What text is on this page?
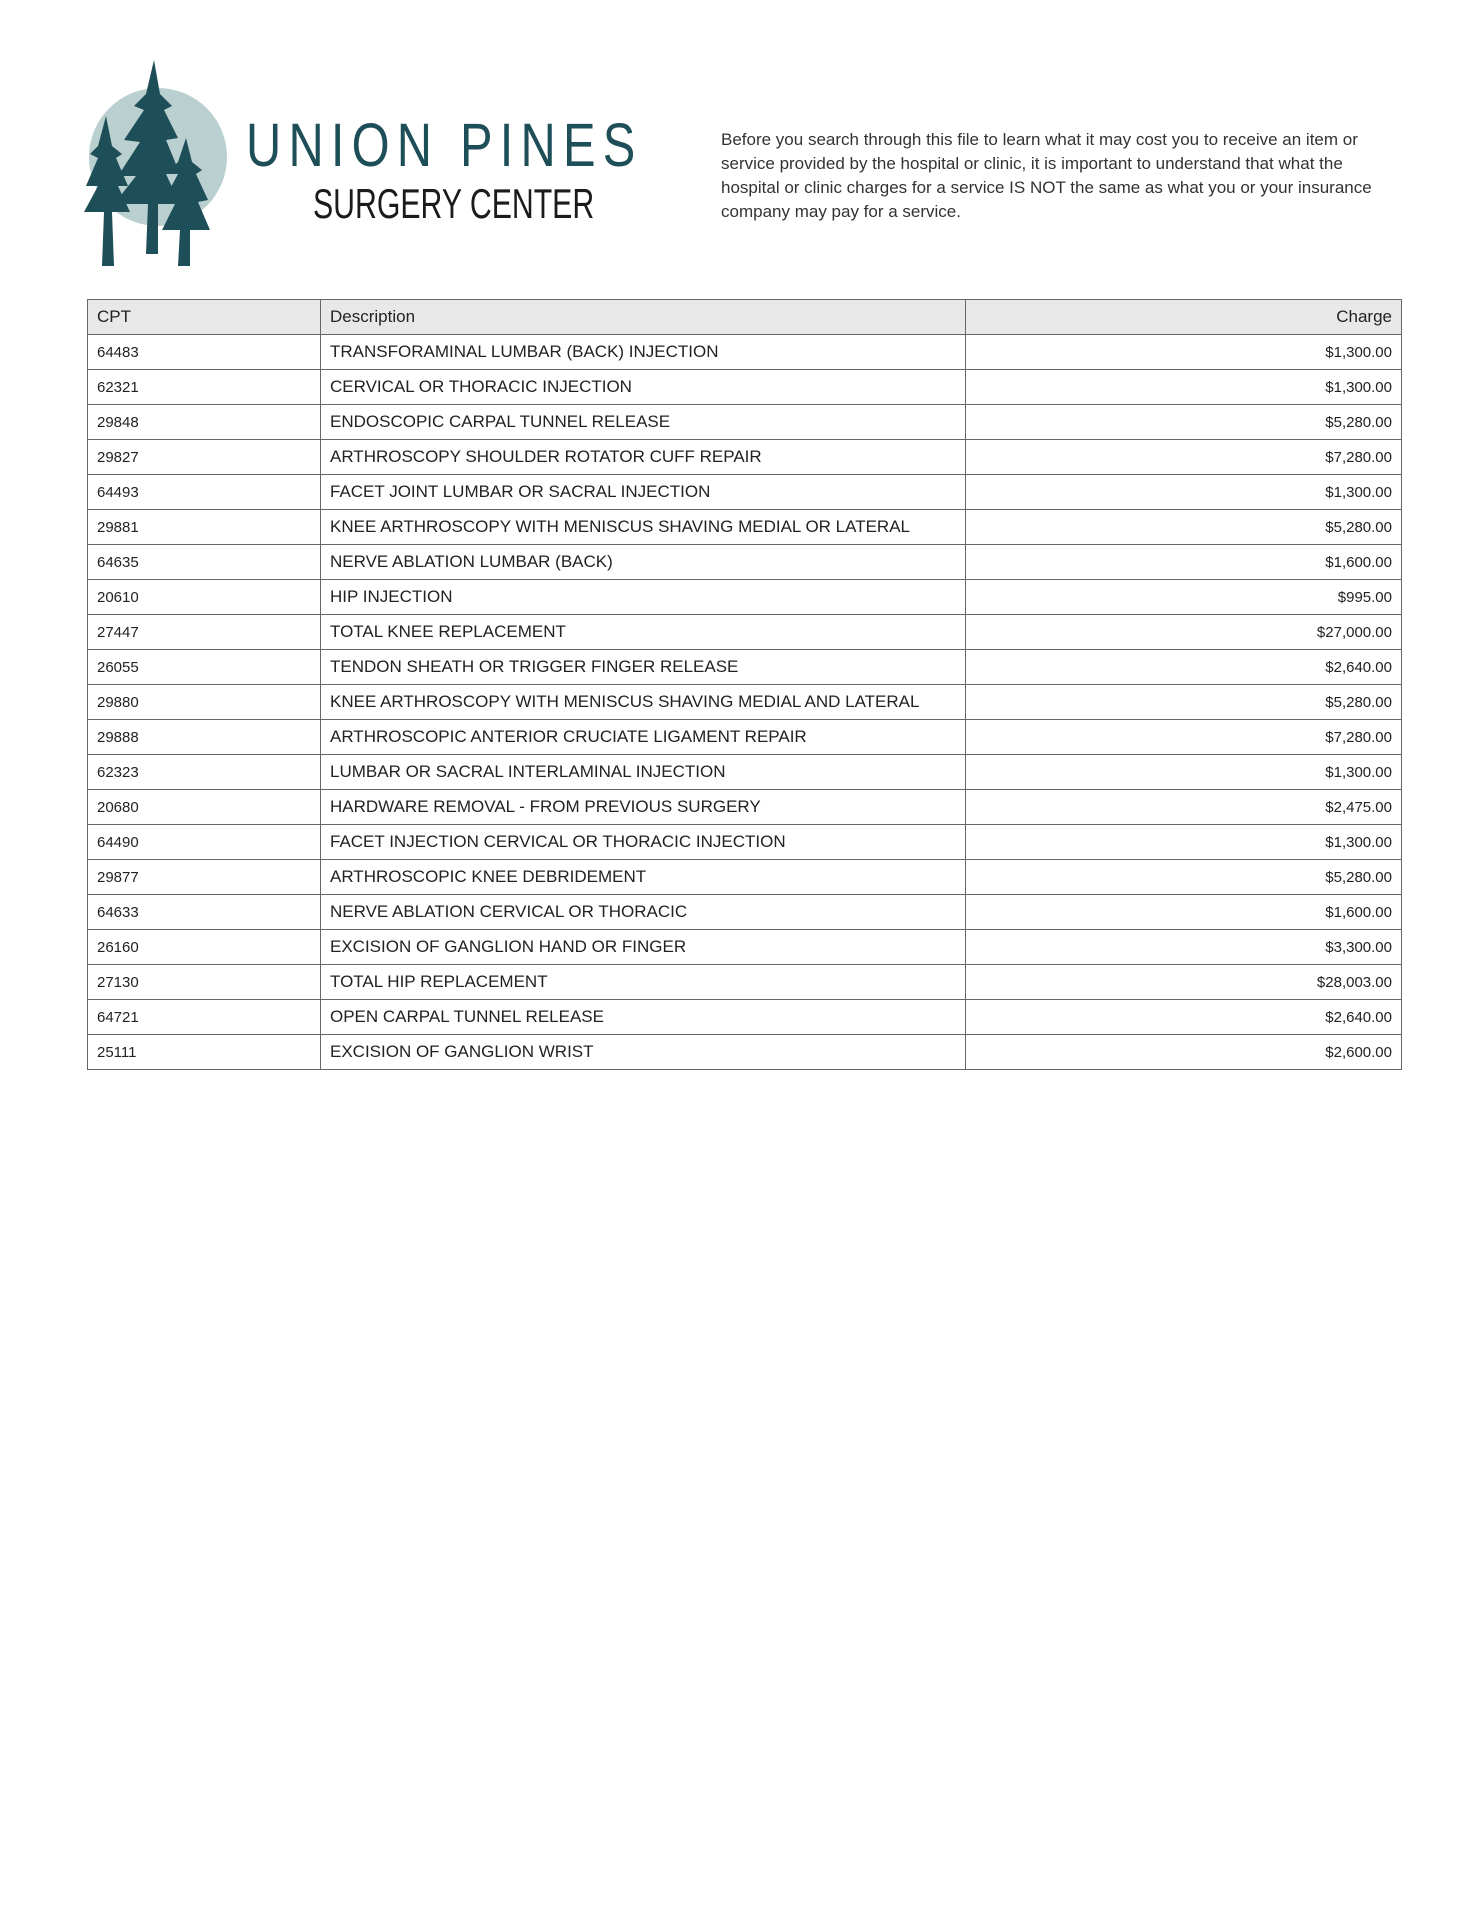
UNION PINES
SURGERY CENTER
Before you search through this file to learn what it may cost you to receive an item or service provided by the hospital or clinic, it is important to understand that what the hospital or clinic charges for a service IS NOT the same as what you or your insurance company may pay for a service.
CPT	Description	Charge
64483	TRANSFORAMINAL LUMBAR (BACK) INJECTION	$1,300.00
62321	CERVICAL OR THORACIC INJECTION	$1,300.00
29848	ENDOSCOPIC CARPAL TUNNEL RELEASE	$5,280.00
29827	ARTHROSCOPY SHOULDER ROTATOR CUFF REPAIR	$7,280.00
64493	FACET JOINT LUMBAR OR SACRAL INJECTION	$1,300.00
29881	KNEE ARTHROSCOPY WITH MENISCUS SHAVING MEDIAL OR LATERAL	$5,280.00
64635	NERVE ABLATION LUMBAR (BACK)	$1,600.00
20610	HIP INJECTION	$995.00
27447	TOTAL KNEE REPLACEMENT	$27,000.00
26055	TENDON SHEATH OR TRIGGER FINGER RELEASE	$2,640.00
29880	KNEE ARTHROSCOPY WITH MENISCUS SHAVING MEDIAL AND LATERAL	$5,280.00
29888	ARTHROSCOPIC ANTERIOR CRUCIATE LIGAMENT REPAIR	$7,280.00
62323	LUMBAR OR SACRAL INTERLAMINAL INJECTION	$1,300.00
20680	HARDWARE REMOVAL - FROM PREVIOUS SURGERY	$2,475.00
64490	FACET INJECTION CERVICAL OR THORACIC INJECTION	$1,300.00
29877	ARTHROSCOPIC KNEE DEBRIDEMENT	$5,280.00
64633	NERVE ABLATION CERVICAL OR THORACIC	$1,600.00
26160	EXCISION OF GANGLION HAND OR FINGER	$3,300.00
27130	TOTAL HIP REPLACEMENT	$28,003.00
64721	OPEN CARPAL TUNNEL RELEASE	$2,640.00
25111	EXCISION OF GANGLION WRIST	$2,600.00
